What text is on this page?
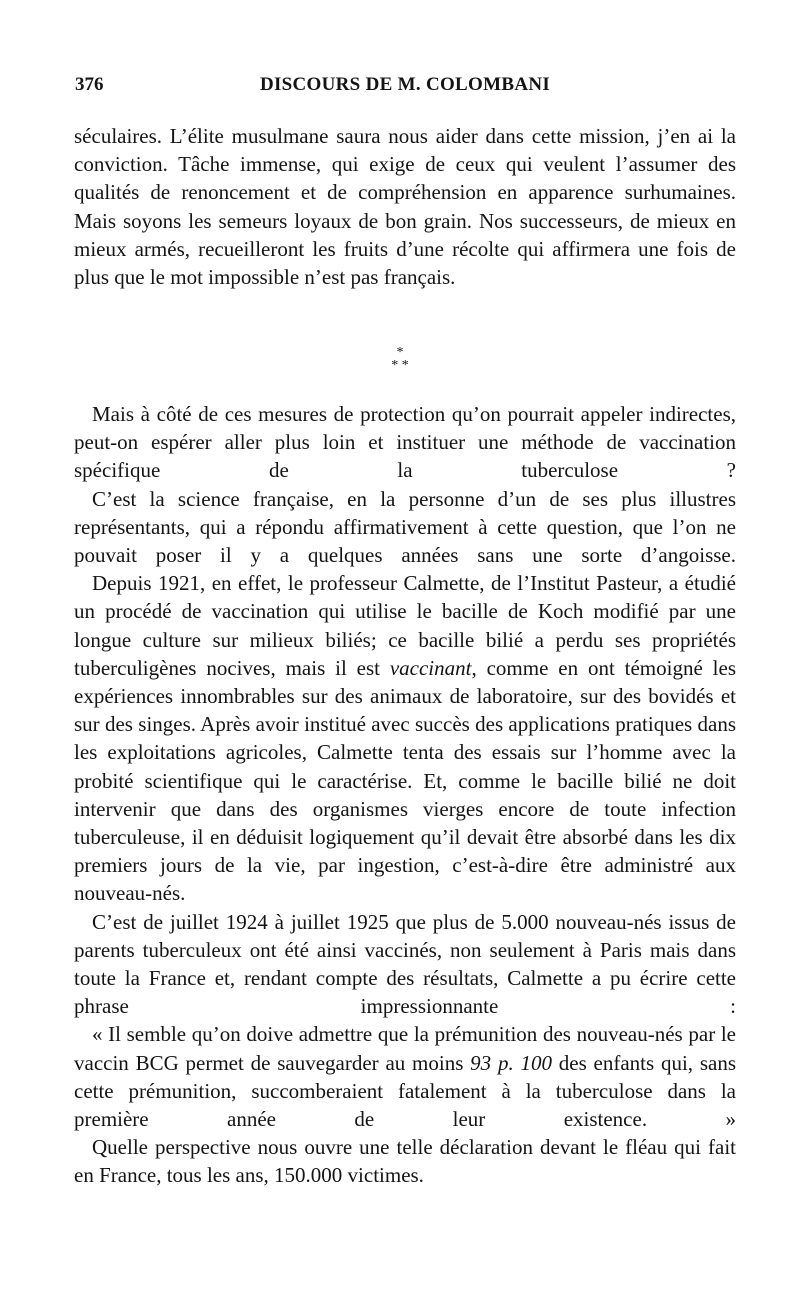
376	DISCOURS DE M. COLOMBANI

séculaires. L’élite musulmane saura nous aider dans cette mission, j’en ai la conviction. Tâche immense, qui exige de ceux qui veulent l’assumer des qualités de renoncement et de compréhension en apparence surhumaines. Mais soyons les semeurs loyaux de bon grain. Nos successeurs, de mieux en mieux armés, recueilleront les fruits d’une récolte qui affirmera une fois de plus que le mot impossible n’est pas français.

*
* *

Mais à côté de ces mesures de protection qu’on pourrait appeler indirectes, peut-on espérer aller plus loin et instituer une méthode de vaccination spécifique de la tuberculose ?

C’est la science française, en la personne d’un de ses plus illustres représentants, qui a répondu affirmativement à cette question, que l’on ne pouvait poser il y a quelques années sans une sorte d’angoisse.

Depuis 1921, en effet, le professeur Calmette, de l’Institut Pasteur, a étudié un procédé de vaccination qui utilise le bacille de Koch modifié par une longue culture sur milieux biliés; ce bacille bilié a perdu ses propriétés tuberculigènes nocives, mais il est vaccinant, comme en ont témoigné les expériences innombrables sur des animaux de laboratoire, sur des bovidés et sur des singes. Après avoir institué avec succès des applications pratiques dans les exploitations agricoles, Calmette tenta des essais sur l’homme avec la probité scientifique qui le caractérise. Et, comme le bacille bilié ne doit intervenir que dans des organismes vierges encore de toute infection tuberculeuse, il en déduisit logiquement qu’il devait être absorbé dans les dix premiers jours de la vie, par ingestion, c’est-à-dire être administré aux nouveau-nés.

C’est de juillet 1924 à juillet 1925 que plus de 5.000 nouveau-nés issus de parents tuberculeux ont été ainsi vaccinés, non seulement à Paris mais dans toute la France et, rendant compte des résultats, Calmette a pu écrire cette phrase impressionnante :

« Il semble qu’on doive admettre que la prémunition des nouveau-nés par le vaccin BCG permet de sauvegarder au moins 93 p. 100 des enfants qui, sans cette prémunition, succomberaient fatalement à la tuberculose dans la première année de leur existence. »

Quelle perspective nous ouvre une telle déclaration devant le fléau qui fait en France, tous les ans, 150.000 victimes.
